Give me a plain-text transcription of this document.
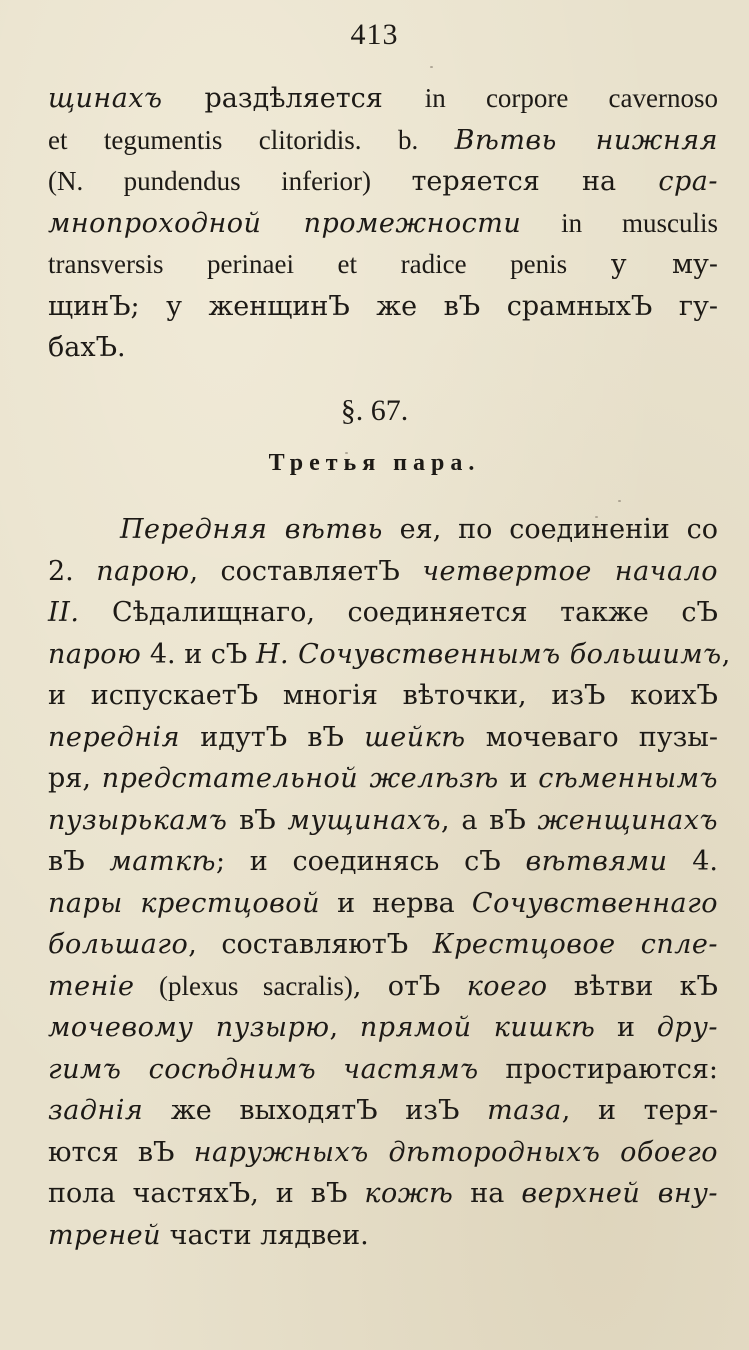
413
щинахъ раздѣляется in corpore cavernoso
et tegumentis clitoridis. b. Вѣтвь нижняя
(N. pundendus inferior) теряется на сра-
мнопроходной промежности in musculis
transversis perinaei et radice penis у му-
щинЪ; у женщинЪ же вЪ срамныхЪ гу-
бахЪ.
§. 67.
Третья пара.
Передняя вѣтвь ея, по соединеніи со
2. парою, составляетЪ четвертое начало
II. Сѣдалищнаго, соединяется также сЪ
парою 4. и сЪ Н. Сочувственнымъ большимъ,
и испускаетЪ многія вѣточки, изЪ коихЪ
переднія идутЪ вЪ шейкѣ мочеваго пузы-
ря, предстательной желѣзѣ и сѣменнымъ
пузырькамъ вЪ мущинахъ, а вЪ женщинахъ
вЪ маткѣ; и соединясь сЪ вѣтвями 4.
пары крестцовой и нерва Сочувственнаго
большаго, составляютЪ Крестцовое спле-
теніе (plexus sacralis), отЪ коего вѣтви кЪ
мочевому пузырю, прямой кишкѣ и дру-
гимъ сосѣднимъ частямъ простираются:
заднія же выходятЪ изЪ таза, и теря-
ются вЪ наружныхъ дѣтородныхъ обоего
пола частяхЪ, и вЪ кожѣ на верхней вну-
треней части лядвеи.
